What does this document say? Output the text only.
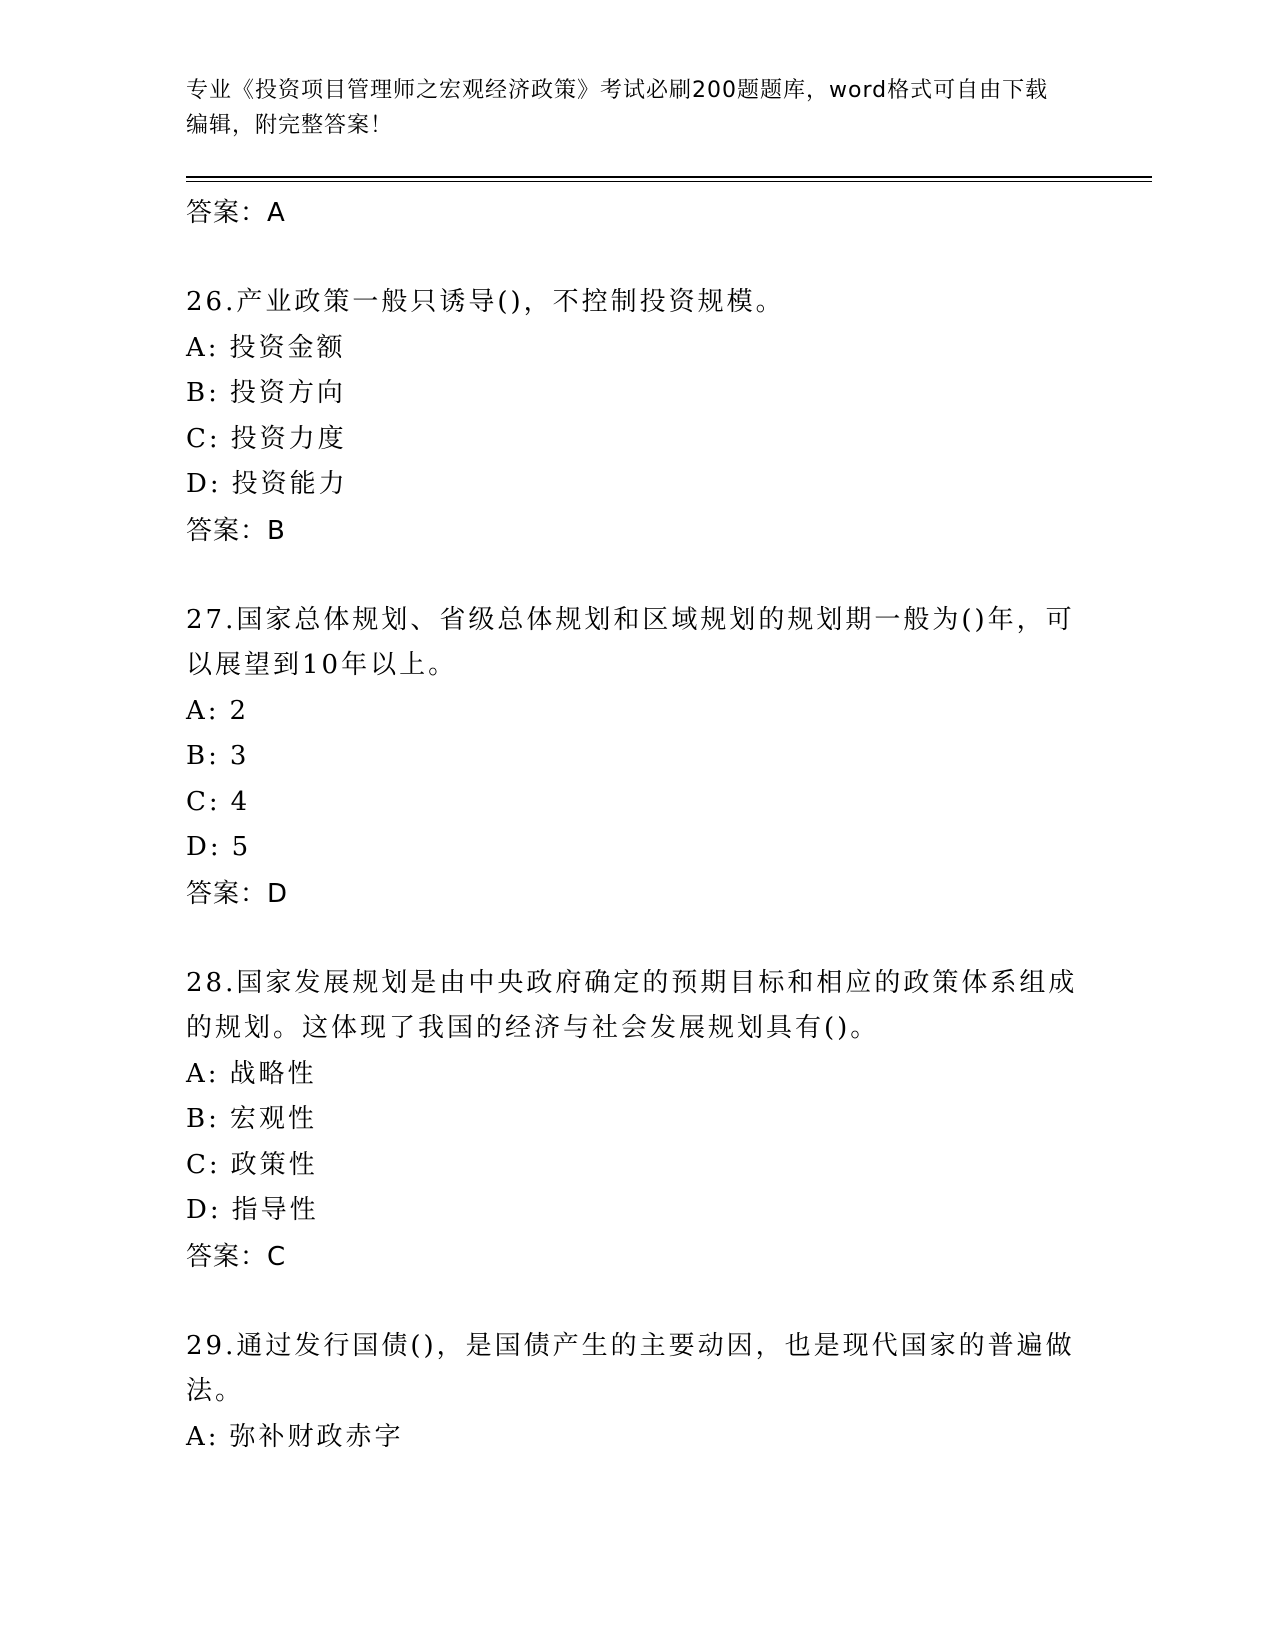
专业《投资项目管理师之宏观经济政策》考试必刷200题题库，word格式可自由下载编辑，附完整答案！
答案：A
26.产业政策一般只诱导()，不控制投资规模。
A: 投资金额
B: 投资方向
C: 投资力度
D: 投资能力
答案：B
27.国家总体规划、省级总体规划和区域规划的规划期一般为()年，可以展望到10年以上。
A: 2
B: 3
C: 4
D: 5
答案：D
28.国家发展规划是由中央政府确定的预期目标和相应的政策体系组成的规划。这体现了我国的经济与社会发展规划具有()。
A: 战略性
B: 宏观性
C: 政策性
D: 指导性
答案：C
29.通过发行国债()，是国债产生的主要动因，也是现代国家的普遍做法。
A: 弥补财政赤字
